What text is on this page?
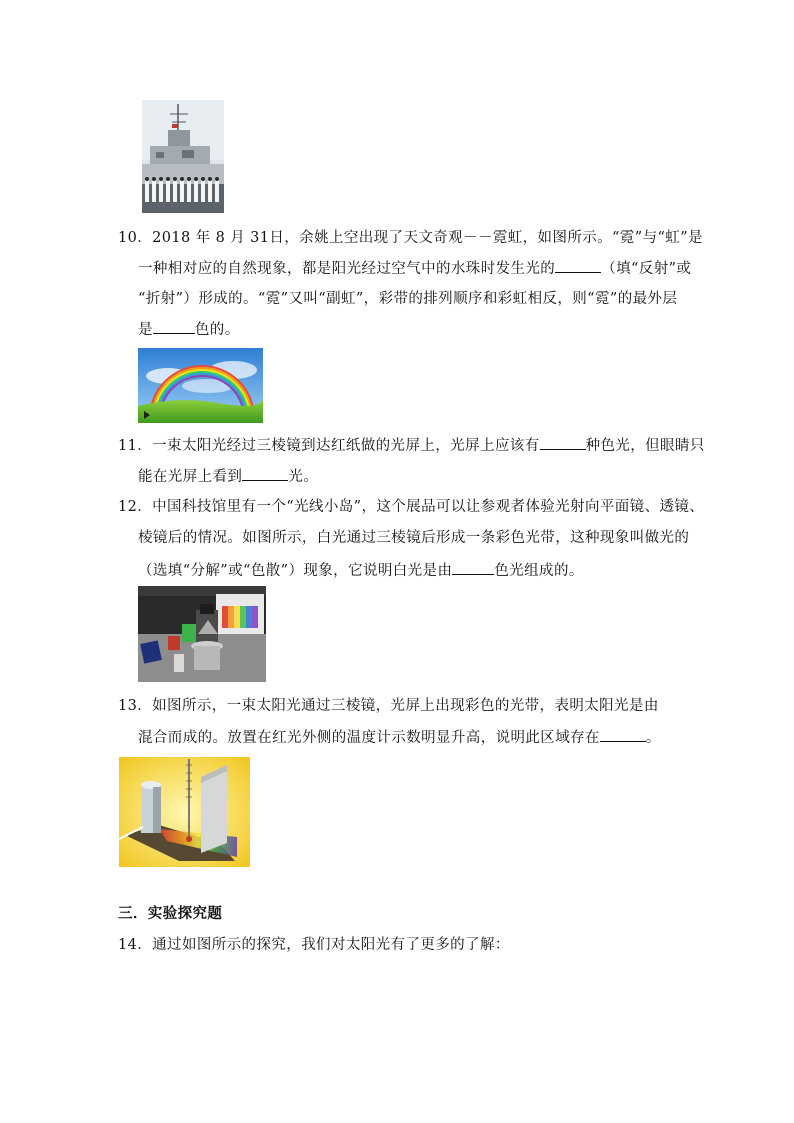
10．2018 年 8 月 31日，余姚上空出现了天文奇观－－霓虹，如图所示。“霓”与“虹”是
一种相对应的自然现象，都是阳光经过空气中的水珠时发生光的	（填“反射”或
“折射”）形成的。“霓”又叫“副虹”，彩带的排列顺序和彩虹相反，则“霓”的最外层
是	色的。
11．一束太阳光经过三棱镜到达红纸做的光屏上，光屏上应该有	种色光，但眼睛只
能在光屏上看到	光。
12．中国科技馆里有一个“光线小岛”，这个展品可以让参观者体验光射向平面镜、透镜、
棱镜后的情况。如图所示，白光通过三棱镜后形成一条彩色光带，这种现象叫做光的
（选填“分解”或“色散”）现象，它说明白光是由	色光组成的。
13．如图所示，一束太阳光通过三棱镜，光屏上出现彩色的光带，表明太阳光是由
混合而成的。放置在红光外侧的温度计示数明显升高，说明此区域存在	。
三．实验探究题
14．通过如图所示的探究，我们对太阳光有了更多的了解：
